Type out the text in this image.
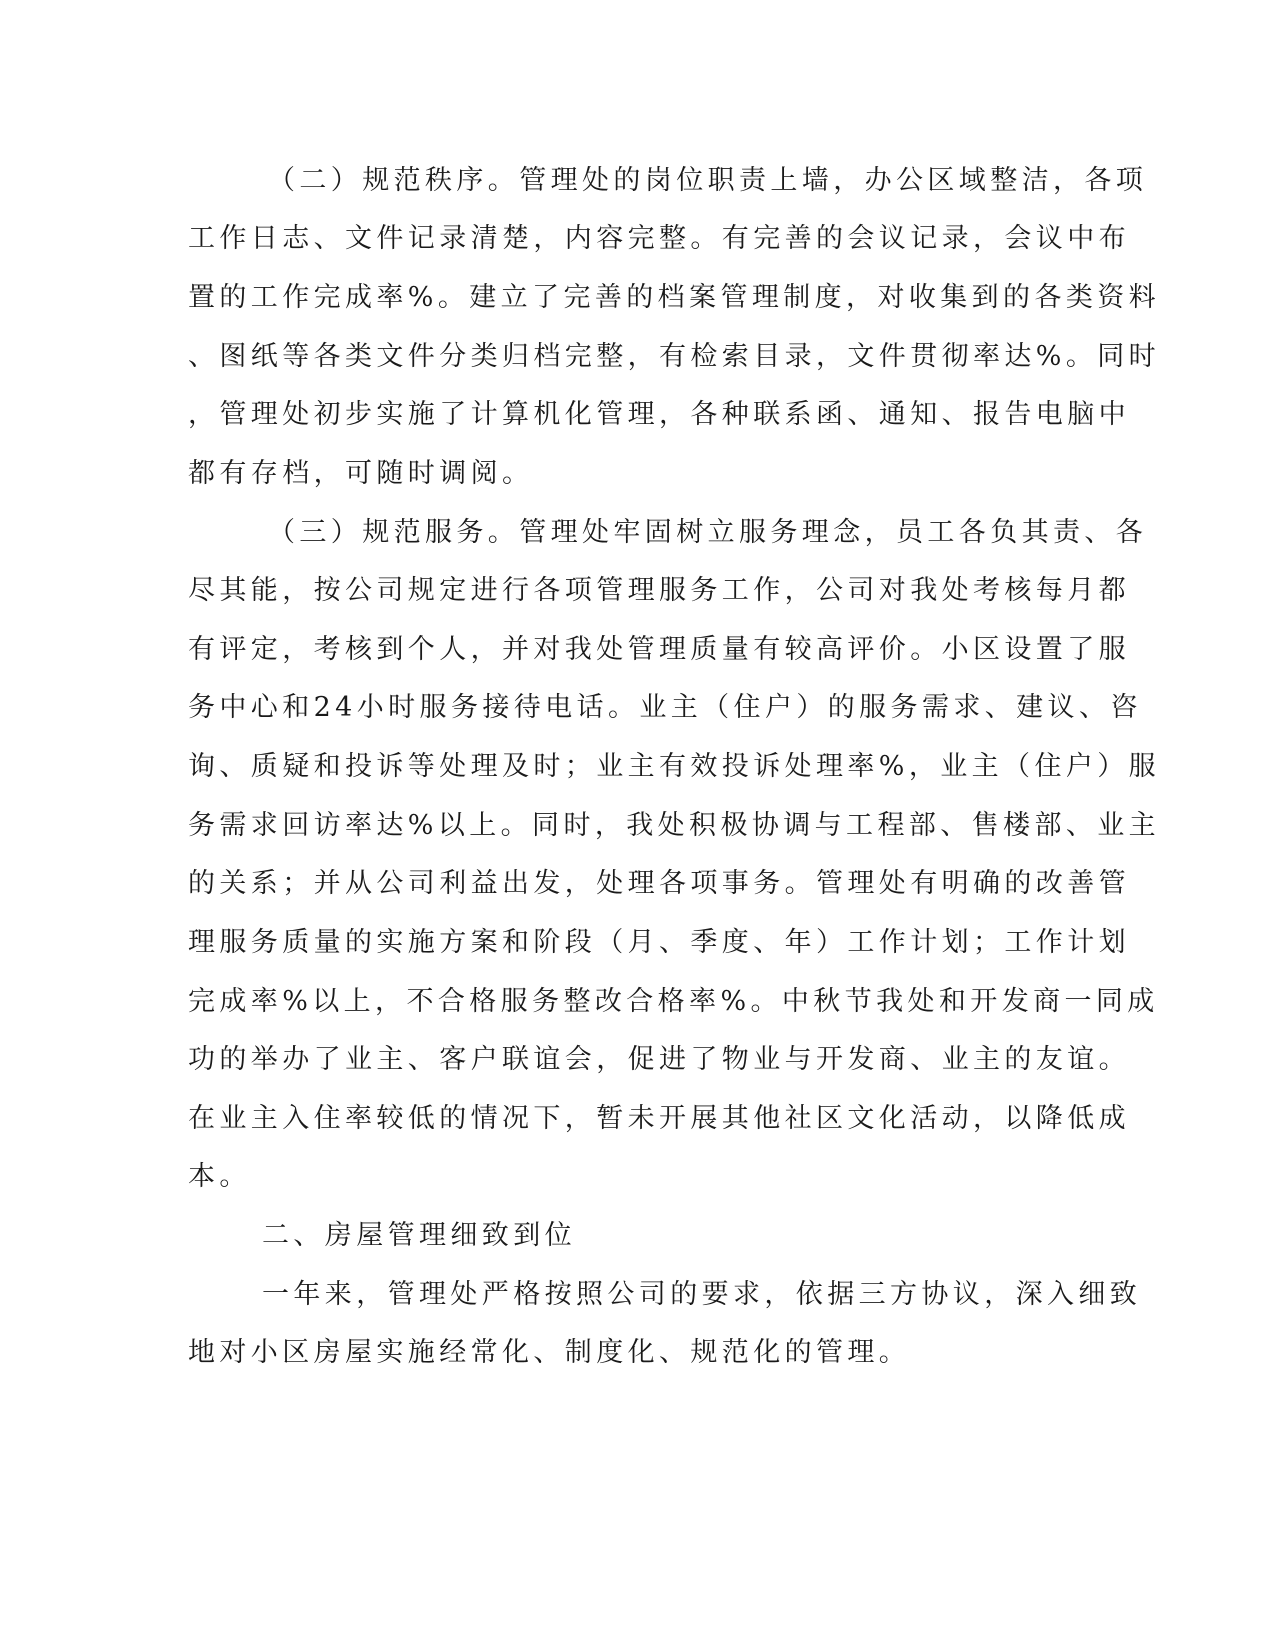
（二）规范秩序。管理处的岗位职责上墙，办公区域整洁，各项
工作日志、文件记录清楚，内容完整。有完善的会议记录，会议中布
置的工作完成率%。建立了完善的档案管理制度，对收集到的各类资料
、图纸等各类文件分类归档完整，有检索目录，文件贯彻率达%。同时
，管理处初步实施了计算机化管理，各种联系函、通知、报告电脑中
都有存档，可随时调阅。
（三）规范服务。管理处牢固树立服务理念，员工各负其责、各
尽其能，按公司规定进行各项管理服务工作，公司对我处考核每月都
有评定，考核到个人，并对我处管理质量有较高评价。小区设置了服
务中心和24小时服务接待电话。业主（住户）的服务需求、建议、咨
询、质疑和投诉等处理及时；业主有效投诉处理率%，业主（住户）服
务需求回访率达%以上。同时，我处积极协调与工程部、售楼部、业主
的关系；并从公司利益出发，处理各项事务。管理处有明确的改善管
理服务质量的实施方案和阶段（月、季度、年）工作计划；工作计划
完成率%以上，不合格服务整改合格率%。中秋节我处和开发商一同成
功的举办了业主、客户联谊会，促进了物业与开发商、业主的友谊。
在业主入住率较低的情况下，暂未开展其他社区文化活动，以降低成
本。
二、房屋管理细致到位
一年来，管理处严格按照公司的要求，依据三方协议，深入细致
地对小区房屋实施经常化、制度化、规范化的管理。
